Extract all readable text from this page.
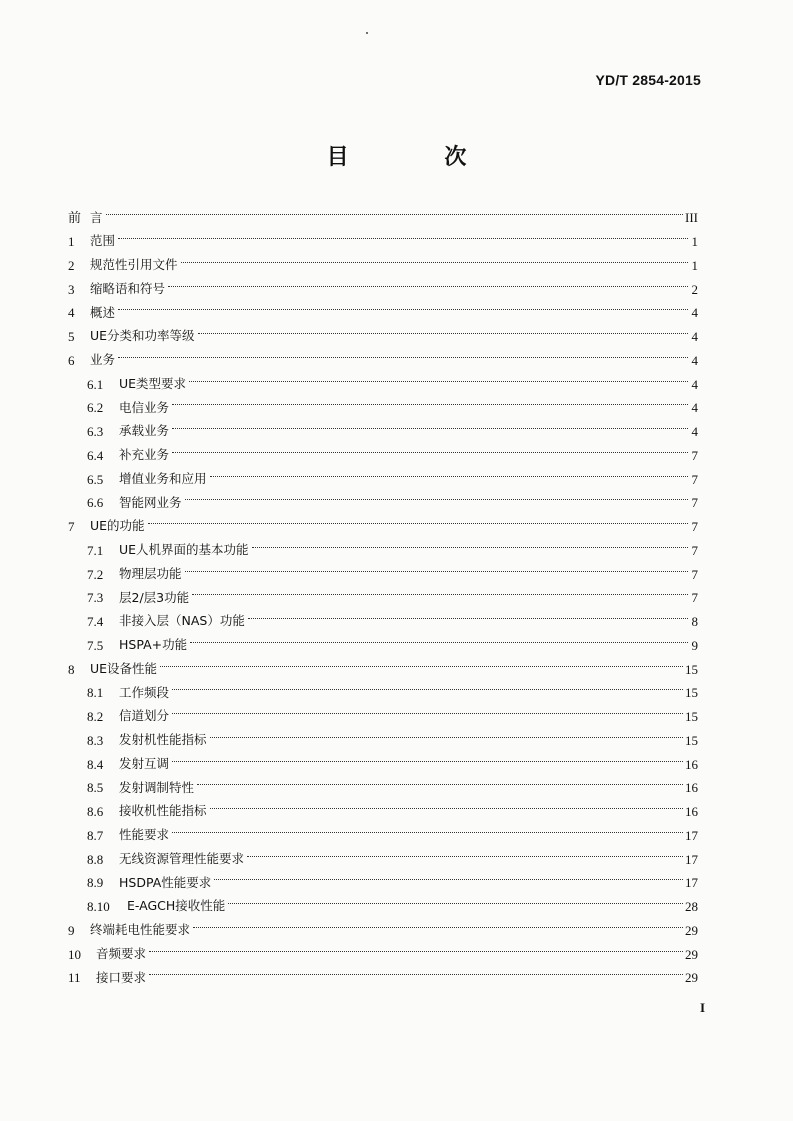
YD/T 2854-2015
目 次
前 言	III
1	范围	1
2	规范性引用文件	1
3	缩略语和符号	2
4	概述	4
5	UE分类和功率等级	4
6	业务	4
6.1	UE类型要求	4
6.2	电信业务	4
6.3	承载业务	4
6.4	补充业务	7
6.5	增值业务和应用	7
6.6	智能网业务	7
7	UE的功能	7
7.1	UE人机界面的基本功能	7
7.2	物理层功能	7
7.3	层2/层3功能	7
7.4	非接入层（NAS）功能	8
7.5	HSPA+功能	9
8	UE设备性能	15
8.1	工作频段	15
8.2	信道划分	15
8.3	发射机性能指标	15
8.4	发射互调	16
8.5	发射调制特性	16
8.6	接收机性能指标	16
8.7	性能要求	17
8.8	无线资源管理性能要求	17
8.9	HSDPA性能要求	17
8.10	E-AGCH接收性能	28
9	终端耗电性能要求	29
10	音频要求	29
11	接口要求	29
I
